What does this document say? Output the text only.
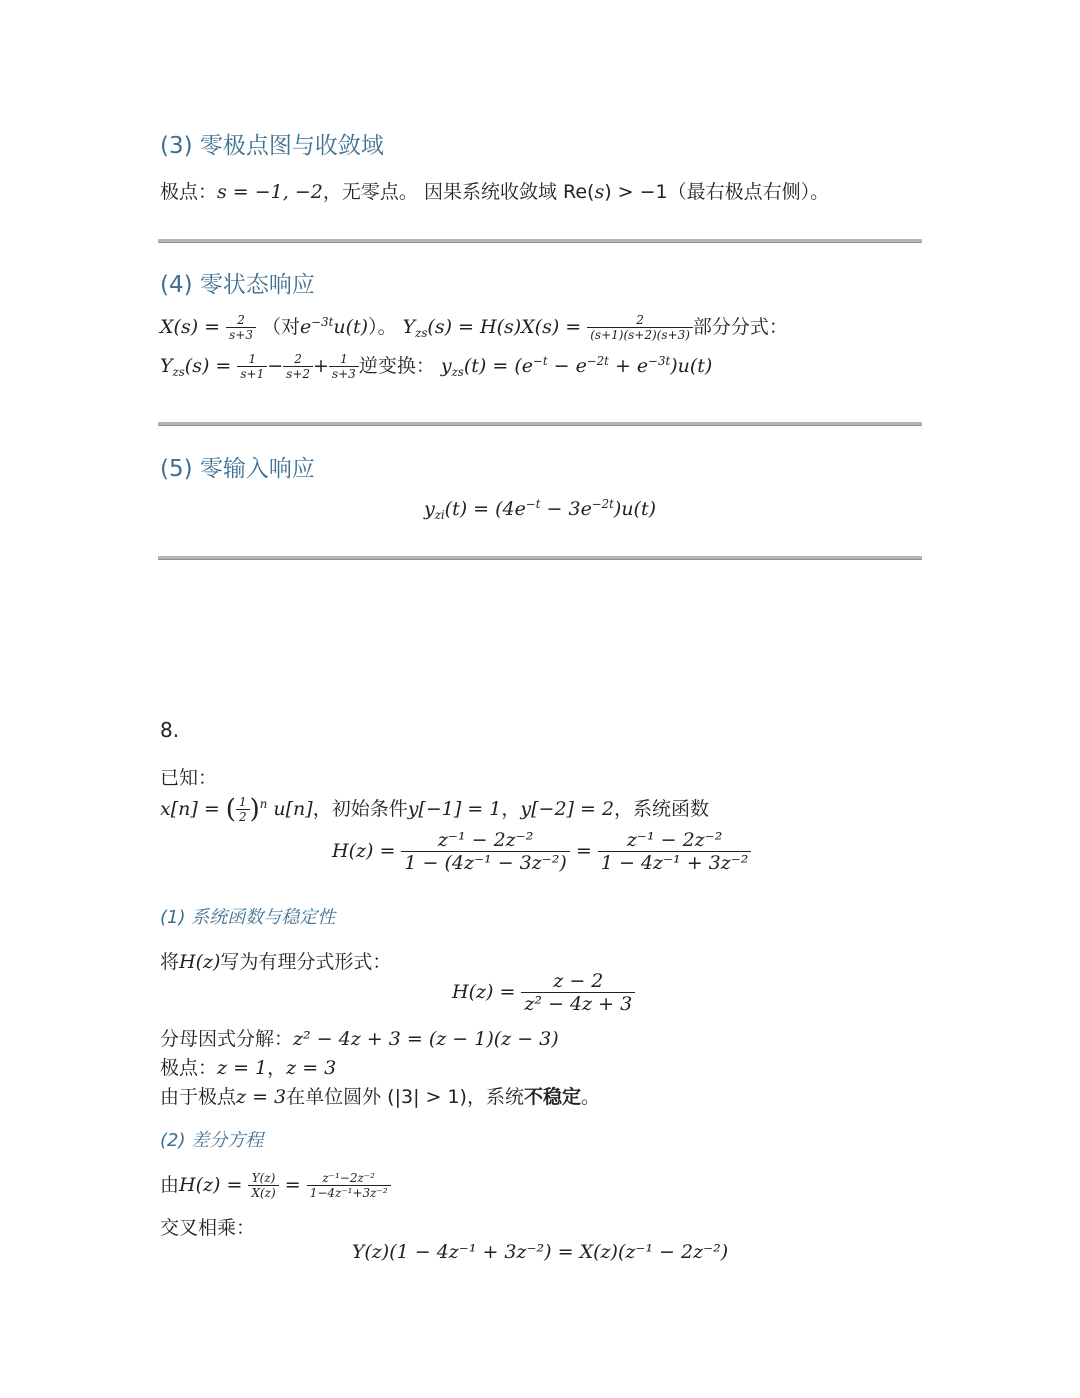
(3) 零极点图与收敛域
极点：s = −1, −2，无零点。 因果系统收敛域 Re(s) > −1（最右极点右侧）。
(4) 零状态响应
$X(s) = \frac{2}{s+3}$ （对$e^{-3t}u(t)$）。 $Y_{zs}(s) = H(s)X(s) = \frac{2}{(s+1)(s+2)(s+3)}$ 部分分式：
$Y_{zs}(s) = \frac{1}{s+1} - \frac{2}{s+2} + \frac{1}{s+3}$ 逆变换： $y_{zs}(t) = (e^{-t} - e^{-2t} + e^{-3t})u(t)$
(5) 零输入响应
$y_{zi}(t) = (4e^{-t} - 3e^{-2t})u(t)$
8.
已知：
x[n] = ( $\frac{1}{2} )^n$ u[n]，初始条件y[−1] = 1，y[−2] = 2，系统函数
$H(z) = \frac{\text{z⁻¹ − 2z⁻²}}{\text{1 − (4z⁻¹ − 3z⁻²)}} = \frac{\text{z⁻¹ − 2z⁻²}}{\text{1 − 4z⁻¹ + 3z⁻²}}$
(1) 系统函数与稳定性
将H(z)写为有理分式形式：
$H(z) = \frac{z - 2}{\text{z² − 4z + 3}}$
分母因式分解：z² − 4z + 3 = (z − 1)(z − 3)
极点：z = 1，z = 3
由于极点z = 3在单位圆外 (|3| > 1)，系统不稳定。
(2) 差分方程
由$H(z) = \frac{Y(z)}{X(z)} = \frac{\text{z⁻¹−2z⁻²}}{\text{1−4z⁻¹+3z⁻²}}$
交叉相乘：
Y(z)(1 − 4z⁻¹ + 3z⁻²) = X(z)(z⁻¹ − 2z⁻²)
